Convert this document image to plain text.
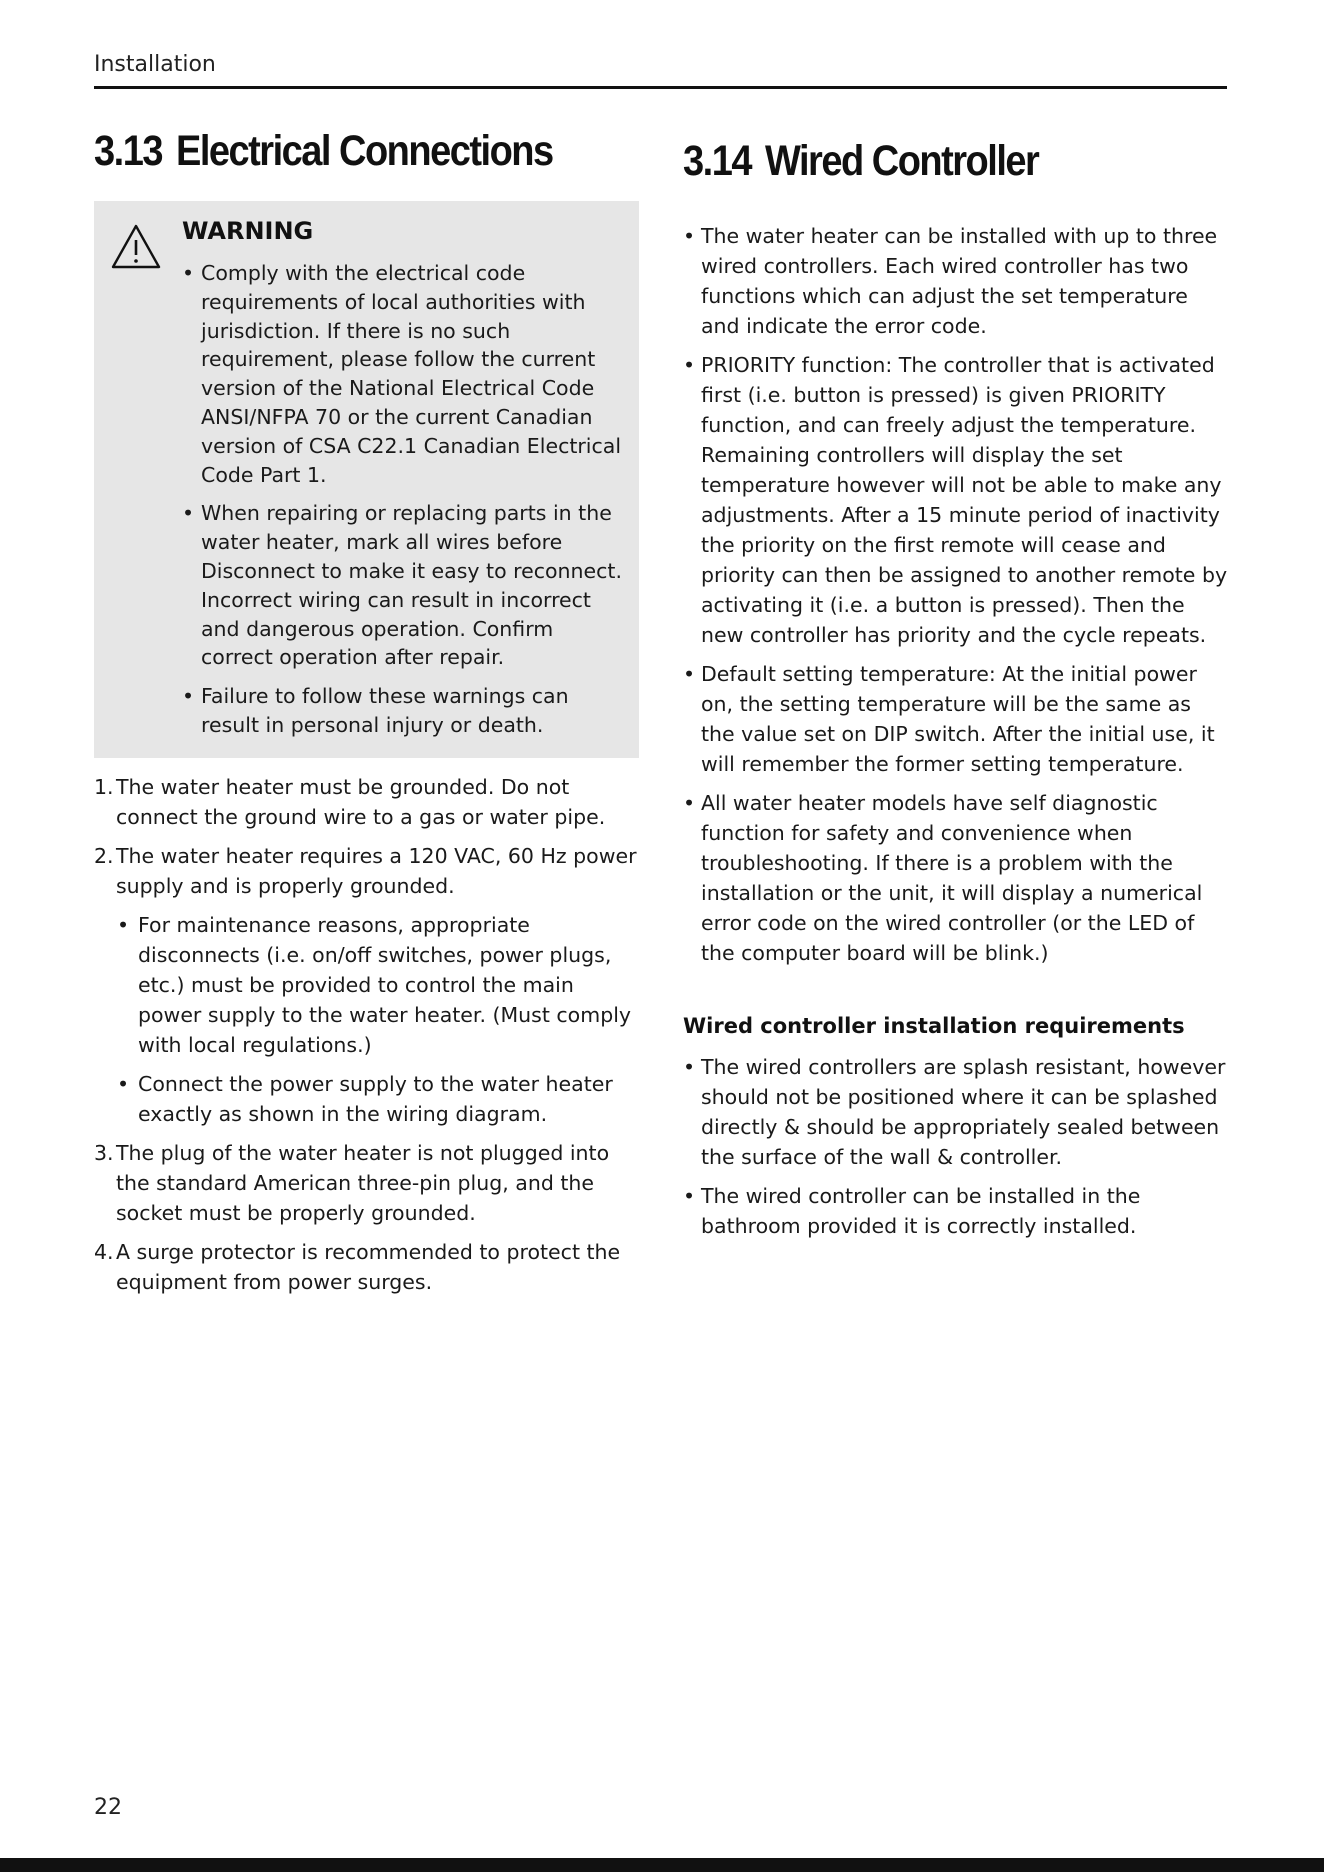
Installation
3.13 Electrical Connections
WARNING
• Comply with the electrical code requirements of local authorities with jurisdiction. If there is no such requirement, please follow the current version of the National Electrical Code ANSI/NFPA 70 or the current Canadian version of CSA C22.1 Canadian Electrical Code Part 1.
• When repairing or replacing parts in the water heater, mark all wires before Disconnect to make it easy to reconnect. Incorrect wiring can result in incorrect and dangerous operation. Confirm correct operation after repair.
• Failure to follow these warnings can result in personal injury or death.
1. The water heater must be grounded. Do not connect the ground wire to a gas or water pipe.
2. The water heater requires a 120 VAC, 60 Hz power supply and is properly grounded.
• For maintenance reasons, appropriate disconnects (i.e. on/off switches, power plugs, etc.) must be provided to control the main power supply to the water heater. (Must comply with local regulations.)
• Connect the power supply to the water heater exactly as shown in the wiring diagram.
3. The plug of the water heater is not plugged into the standard American three-pin plug, and the socket must be properly grounded.
4. A surge protector is recommended to protect the equipment from power surges.
3.14 Wired Controller
• The water heater can be installed with up to three wired controllers. Each wired controller has two functions which can adjust the set temperature and indicate the error code.
• PRIORITY function: The controller that is activated first (i.e. button is pressed) is given PRIORITY function, and can freely adjust the temperature. Remaining controllers will display the set temperature however will not be able to make any adjustments. After a 15 minute period of inactivity the priority on the first remote will cease and priority can then be assigned to another remote by activating it (i.e. a button is pressed). Then the new controller has priority and the cycle repeats.
• Default setting temperature: At the initial power on, the setting temperature will be the same as the value set on DIP switch. After the initial use, it will remember the former setting temperature.
• All water heater models have self diagnostic function for safety and convenience when troubleshooting. If there is a problem with the installation or the unit, it will display a numerical error code on the wired controller (or the LED of the computer board will be blink.)
Wired controller installation requirements
• The wired controllers are splash resistant, however should not be positioned where it can be splashed directly & should be appropriately sealed between the surface of the wall & controller.
• The wired controller can be installed in the bathroom provided it is correctly installed.
22
